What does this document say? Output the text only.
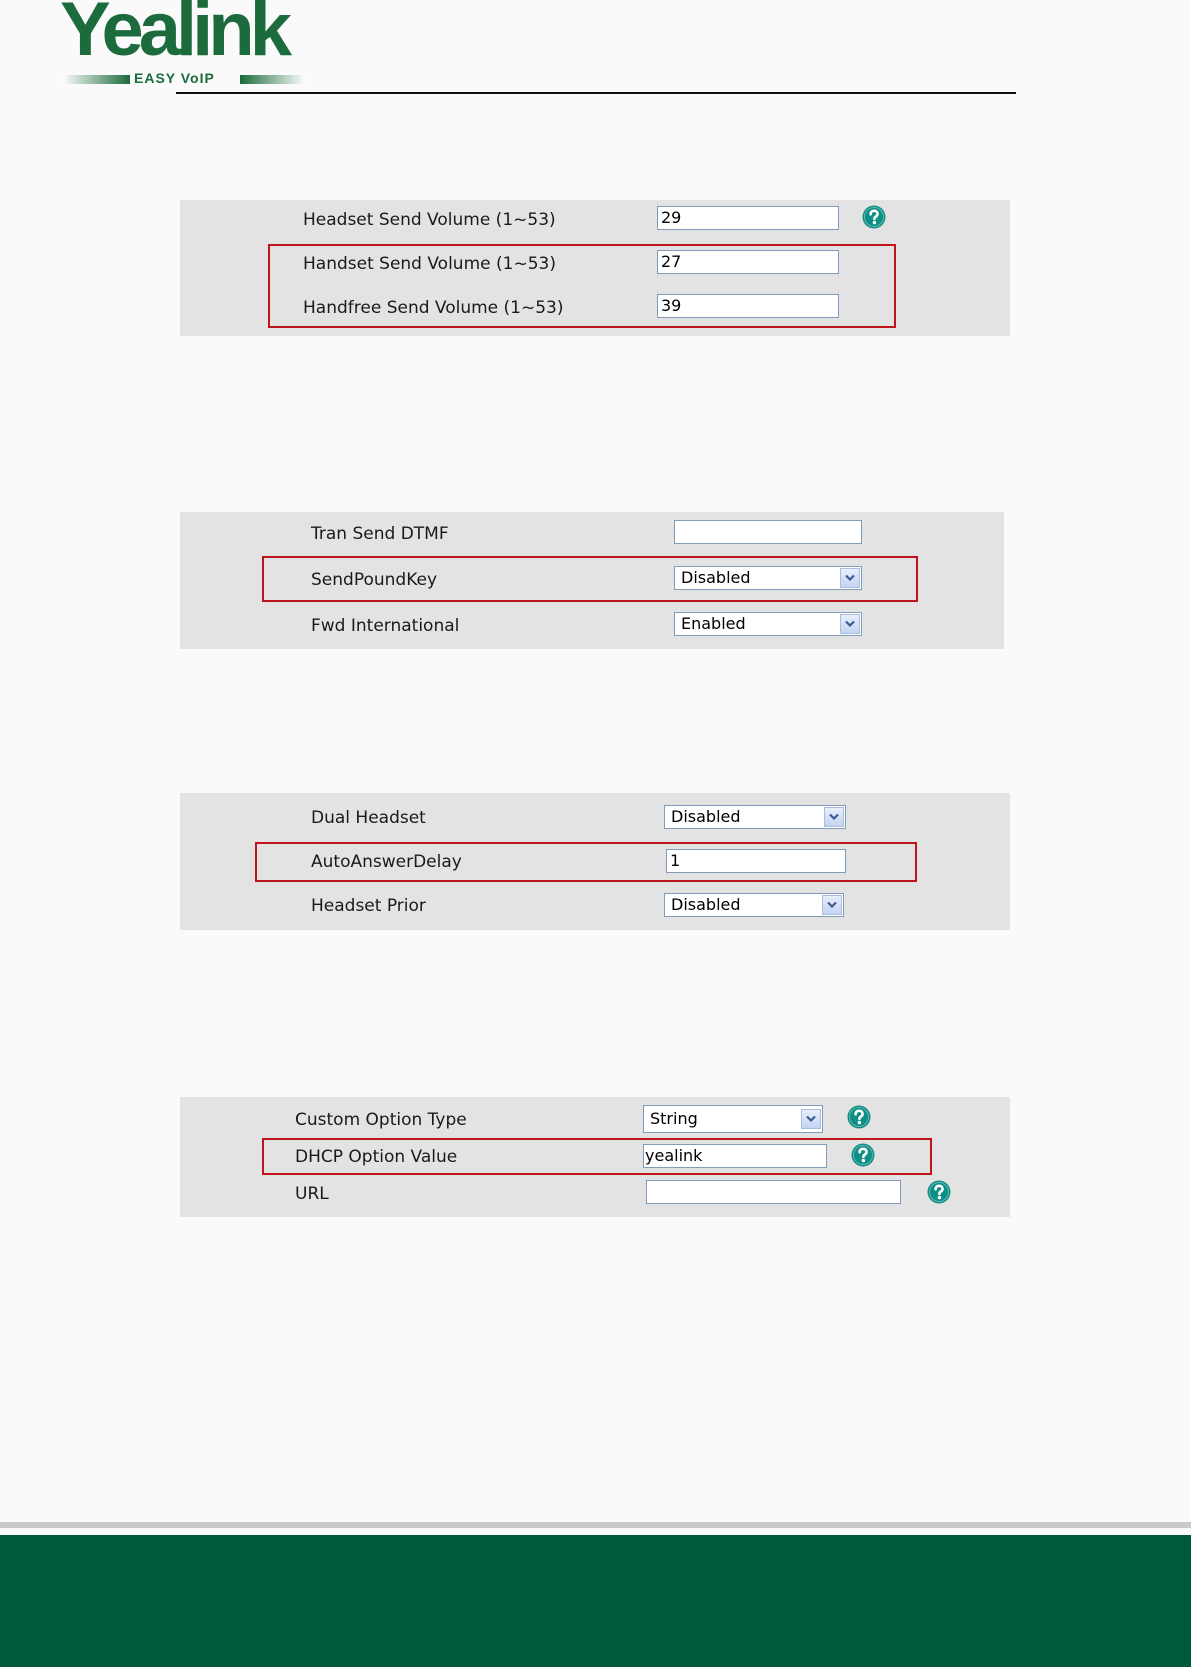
Yealink
EASY VoIP
Headset Send Volume (1~53)	29
Handset Send Volume (1~53)	27
Handfree Send Volume (1~53)	39
Tran Send DTMF
SendPoundKey	Disabled
Fwd International	Enabled
Dual Headset	Disabled
AutoAnswerDelay	1
Headset Prior	Disabled
Custom Option Type	String
DHCP Option Value	yealink
URL
